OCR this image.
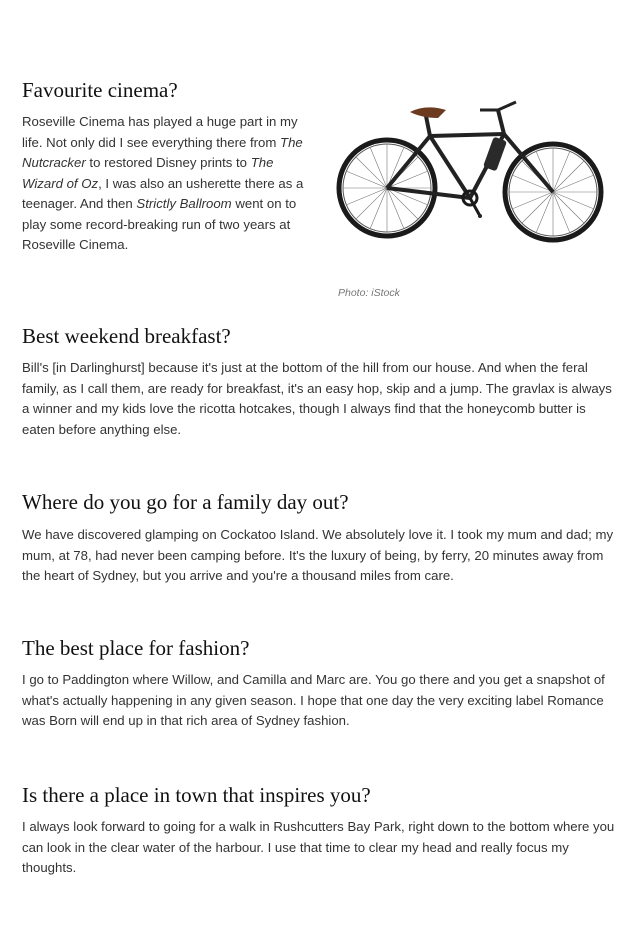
Favourite cinema?

Roseville Cinema has played a huge part in my life. Not only did I see everything there from The Nutcracker to restored Disney prints to The Wizard of Oz, I was also an usherette there as a teenager. And then Strictly Ballroom went on to play some record-breaking run of two years at Roseville Cinema.

Photo: iStock

Best weekend breakfast?

Bill's [in Darlinghurst] because it's just at the bottom of the hill from our house. And when the feral family, as I call them, are ready for breakfast, it's an easy hop, skip and a jump. The gravlax is always a winner and my kids love the ricotta hotcakes, though I always find that the honeycomb butter is eaten before anything else.

Where do you go for a family day out?

We have discovered glamping on Cockatoo Island. We absolutely love it. I took my mum and dad; my mum, at 78, had never been camping before. It's the luxury of being, by ferry, 20 minutes away from the heart of Sydney, but you arrive and you're a thousand miles from care.

The best place for fashion?

I go to Paddington where Willow, and Camilla and Marc are. You go there and you get a snapshot of what's actually happening in any given season. I hope that one day the very exciting label Romance was Born will end up in that rich area of Sydney fashion.

Is there a place in town that inspires you?

I always look forward to going for a walk in Rushcutters Bay Park, right down to the bottom where you can look in the clear water of the harbour. I use that time to clear my head and really focus my thoughts.
